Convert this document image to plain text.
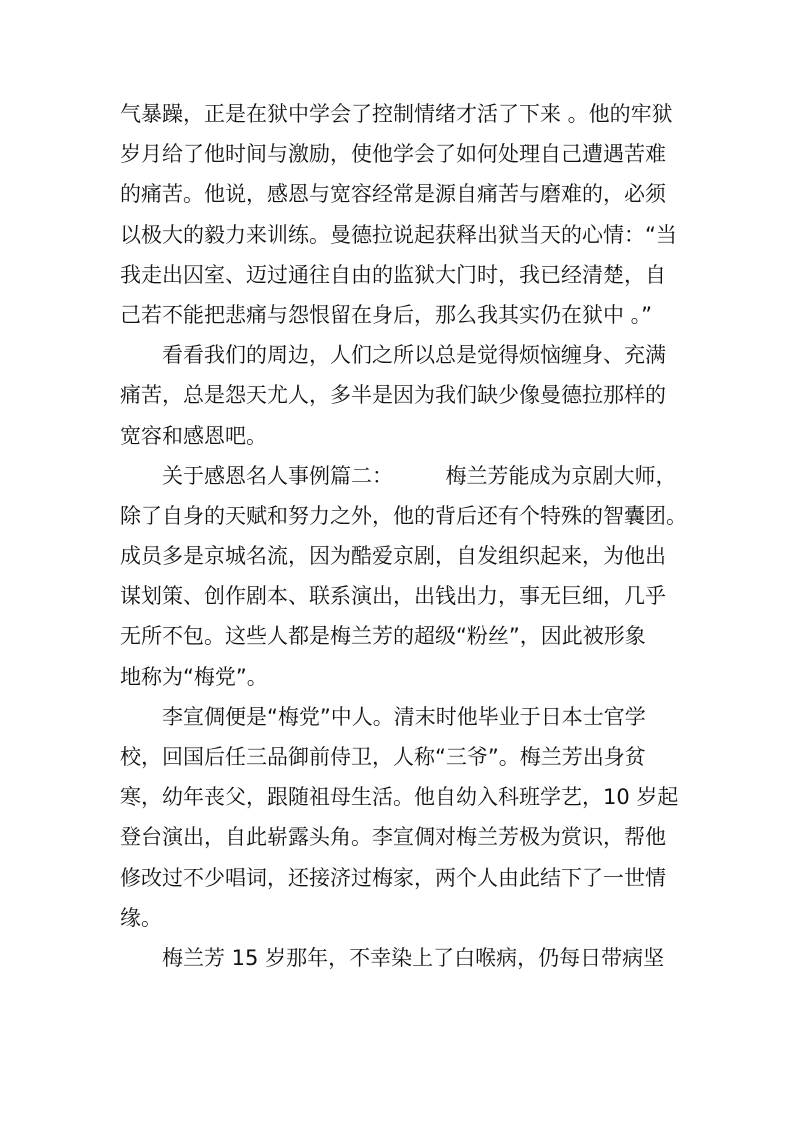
气暴躁，正是在狱中学会了控制情绪才活了下来 。他的牢狱
岁月给了他时间与激励，使他学会了如何处理自己遭遇苦难
的痛苦。他说，感恩与宽容经常是源自痛苦与磨难的，必须
以极大的毅力来训练。曼德拉说起获释出狱当天的心情：“当
我走出囚室、迈过通往自由的监狱大门时，我已经清楚，自
己若不能把悲痛与怨恨留在身后，那么我其实仍在狱中 。”
　　看看我们的周边，人们之所以总是觉得烦恼缠身、充满
痛苦，总是怨天尤人，多半是因为我们缺少像曼德拉那样的
宽容和感恩吧。
　　关于感恩名人事例篇二：　　　梅兰芳能成为京剧大师，
除了自身的天赋和努力之外，他的背后还有个特殊的智囊团。
成员多是京城名流，因为酷爱京剧，自发组织起来，为他出
谋划策、创作剧本、联系演出，出钱出力，事无巨细，几乎
无所不包。这些人都是梅兰芳的超级“粉丝”，因此被形象
地称为“梅党”。
　　李宣倜便是“梅党”中人。清末时他毕业于日本士官学
校，回国后任三品御前侍卫，人称“三爷”。梅兰芳出身贫
寒，幼年丧父，跟随祖母生活。他自幼入科班学艺，10 岁起
登台演出，自此崭露头角。李宣倜对梅兰芳极为赏识，帮他
修改过不少唱词，还接济过梅家，两个人由此结下了一世情
缘。
　　梅兰芳 15 岁那年，不幸染上了白喉病，仍每日带病坚
